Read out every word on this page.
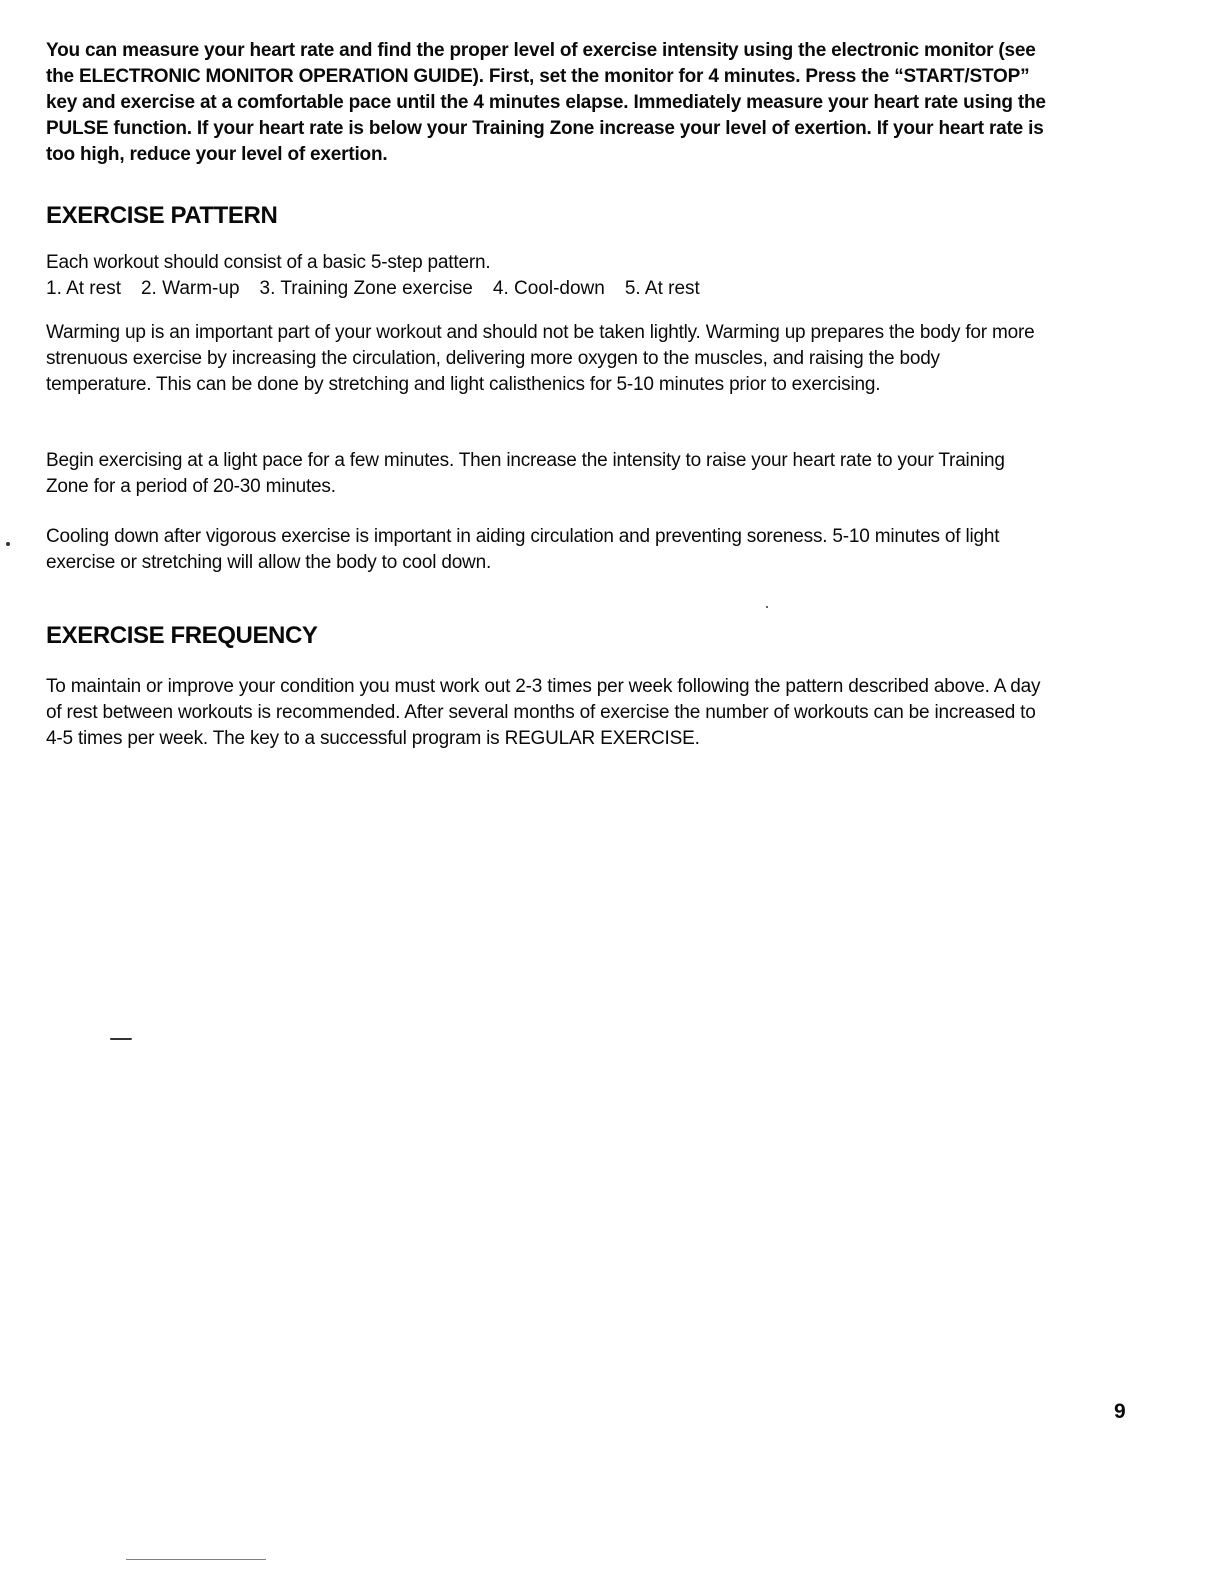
You can measure your heart rate and find the proper level of exercise intensity using the electronic monitor (see the ELECTRONIC MONITOR OPERATION GUIDE). First, set the monitor for 4 minutes. Press the “START/STOP” key and exercise at a comfortable pace until the 4 minutes elapse. Immediately measure your heart rate using the PULSE function. If your heart rate is below your Training Zone increase your level of exertion. If your heart rate is too high, reduce your level of exertion.

EXERCISE PATTERN

Each workout should consist of a basic 5-step pattern.

1. At rest 2. Warm-up 3. Training Zone exercise 4. Cool-down 5. At rest

Warming up is an important part of your workout and should not be taken lightly. Warming up prepares the body for more strenuous exercise by increasing the circulation, delivering more oxygen to the muscles, and raising the body temperature. This can be done by stretching and light calisthenics for 5-10 minutes prior to exercising.

Begin exercising at a light pace for a few minutes. Then increase the intensity to raise your heart rate to your Training Zone for a period of 20-30 minutes.

Cooling down after vigorous exercise is important in aiding circulation and preventing soreness. 5-10 minutes of light exercise or stretching will allow the body to cool down.

EXERCISE FREQUENCY

To maintain or improve your condition you must work out 2-3 times per week following the pattern described above. A day of rest between workouts is recommended. After several months of exercise the number of workouts can be increased to 4-5 times per week. The key to a successful program is REGULAR EXERCISE.

9
